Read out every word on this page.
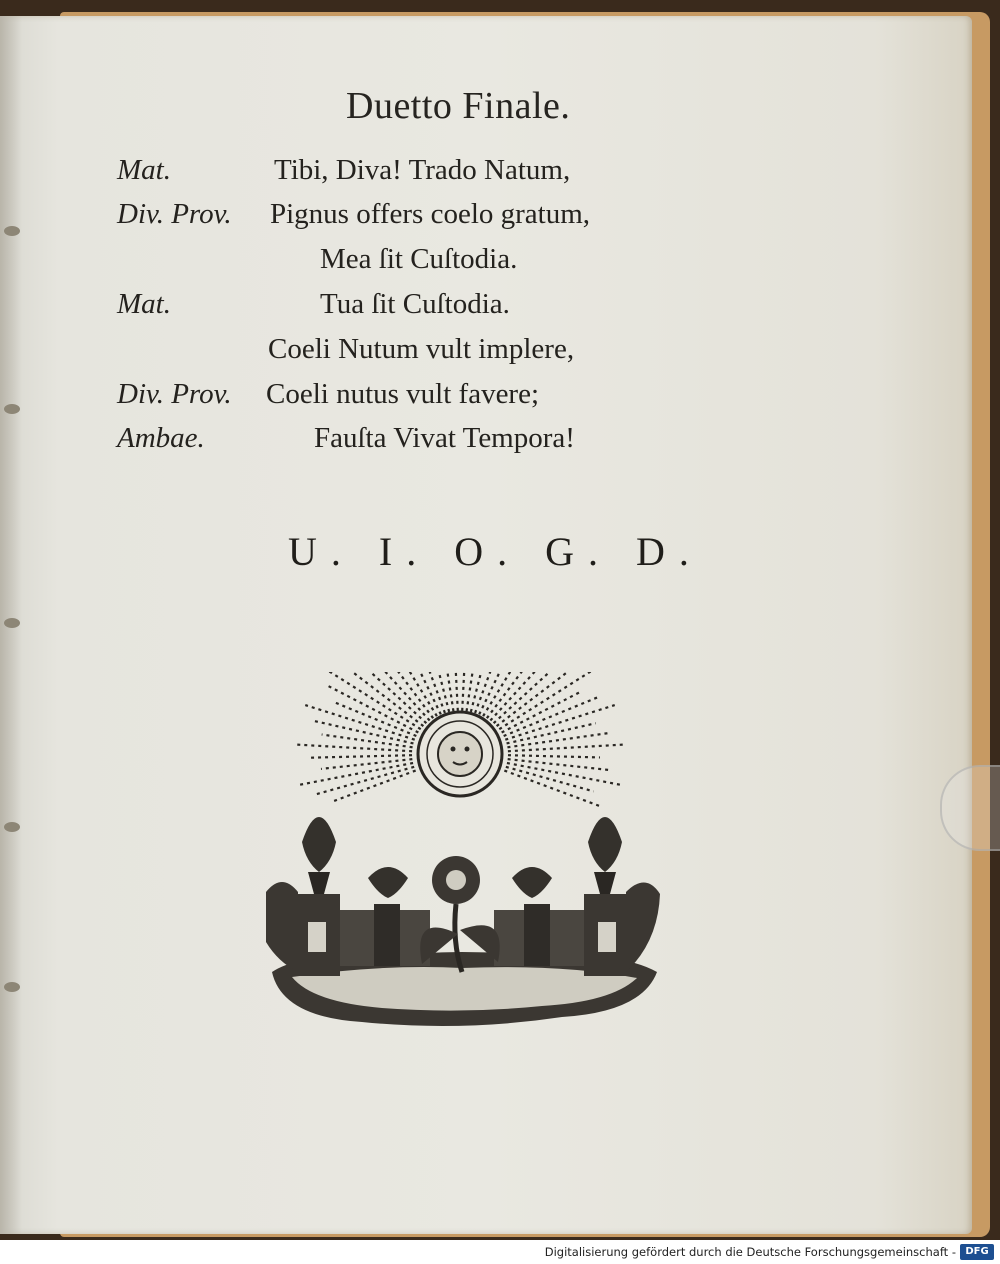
Duetto Finale.
Mat.	Tibi, Diva! Trado Natum,
Div. Prov. Pignus offers coelo gratum,
Mea ſit Cuſtodia.
Mat.	Tua ſit Cuſtodia.
Coeli Nutum vult implere,
Div. Prov. Coeli nutus vult favere;
Ambae.	Fauſta Vivat Tempora!
U. I. O. G. D.
Digitalisierung gefördert durch die Deutsche Forschungsgemeinschaft - DFG
